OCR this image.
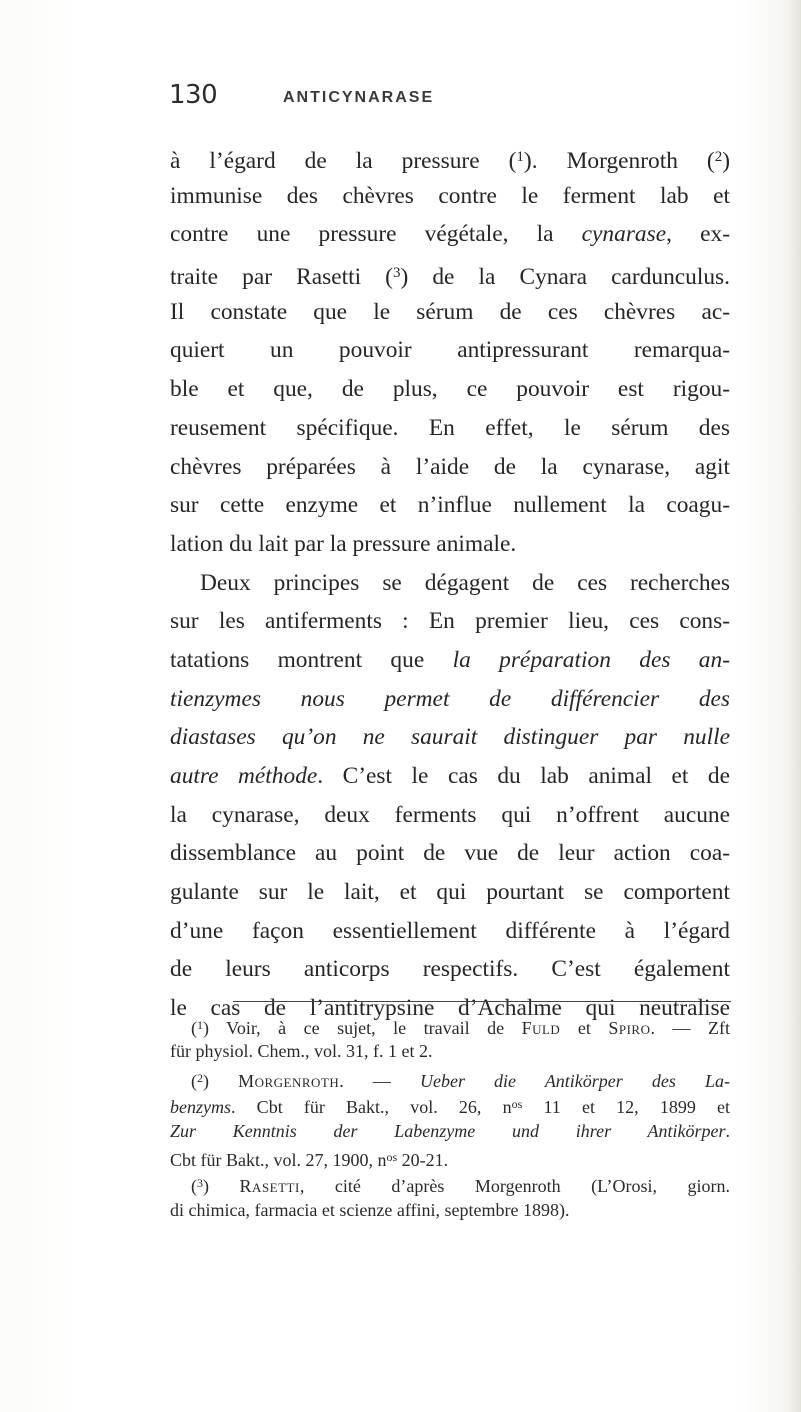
130	ANTICYNARASE
à l’égard de la pressure ($^1$). Morgenroth ($^2$)
immunise des chèvres contre le ferment lab et
contre une pressure végétale, la cynarase, ex-
traite par Rasetti ($^3$) de la Cynara cardunculus.
Il constate que le sérum de ces chèvres ac-
quiert un pouvoir antipressurant remarqua-
ble et que, de plus, ce pouvoir est rigou-
reusement spécifique. En effet, le sérum des
chèvres préparées à l’aide de la cynarase, agit
sur cette enzyme et n’influe nullement la coagu-
lation du lait par la pressure animale.
Deux principes se dégagent de ces recherches
sur les antiferments : En premier lieu, ces cons-
tatations montrent que la préparation des an-
tienzymes nous permet de différencier des
diastases qu’on ne saurait distinguer par nulle
autre méthode. C’est le cas du lab animal et de
la cynarase, deux ferments qui n’offrent aucune
dissemblance au point de vue de leur action coa-
gulante sur le lait, et qui pourtant se comportent
d’une façon essentiellement différente à l’égard
de leurs anticorps respectifs. C’est également
le cas de l’antitrypsine d’Achalme qui neutralise
($^1$) Voir, à ce sujet, le travail de Fuld et Spiro. — Zft
für physiol. Chem., vol. 31, f. 1 et 2.
($^2$) Morgenroth. — Ueber die Antikörper des La-
benzyms. Cbt für Bakt., vol. 26, n$^{os}$ 11 et 12, 1899 et
Zur Kenntnis der Labenzyme und ihrer Antikörper.
Cbt für Bakt., vol. 27, 1900, n$^{os}$ 20-21.
($^3$) Rasetti, cité d’après Morgenroth (L’Orosi, giorn.
di chimica, farmacia et scienze affini, septembre 1898).
